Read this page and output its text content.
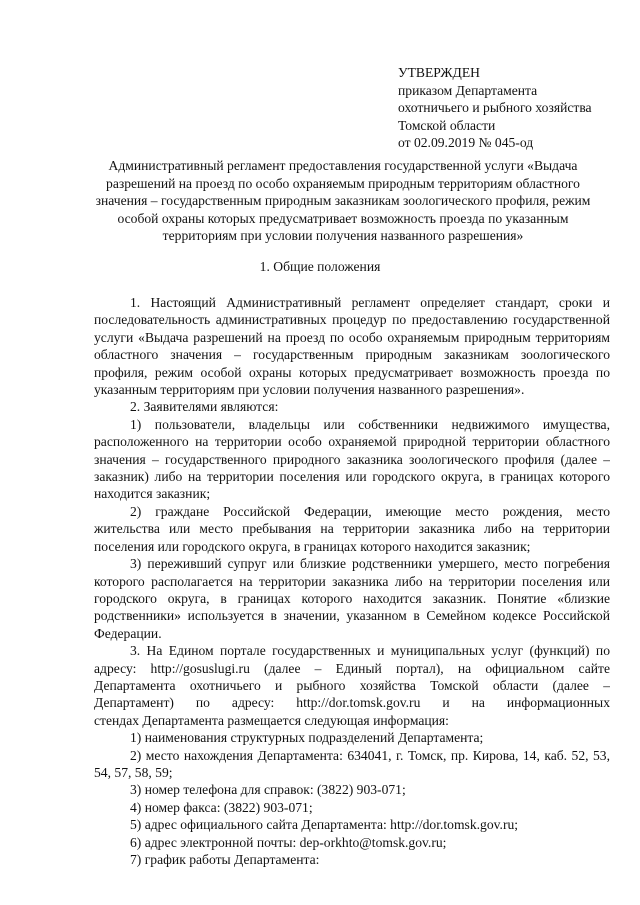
УТВЕРЖДЕН
приказом Департамента
охотничьего и рыбного хозяйства
Томской области
от 02.09.2019 № 045-од
Административный регламент предоставления государственной услуги «Выдача
разрешений на проезд по особо охраняемым природным территориям областного
значения – государственным природным заказникам зоологического профиля, режим
особой охраны которых предусматривает возможность проезда по указанным
территориям при условии получения названного разрешения»
1. Общие положения
1. Настоящий Административный регламент определяет стандарт, сроки и
последовательность административных процедур по предоставлению государственной
услуги «Выдача разрешений на проезд по особо охраняемым природным территориям
областного значения – государственным природным заказникам зоологического
профиля, режим особой охраны которых предусматривает возможность проезда по
указанным территориям при условии получения названного разрешения».
2. Заявителями являются:
1) пользователи, владельцы или собственники недвижимого имущества,
расположенного на территории особо охраняемой природной территории областного
значения – государственного природного заказника зоологического профиля (далее –
заказник) либо на территории поселения или городского округа, в границах которого
находится заказник;
2) граждане Российской Федерации, имеющие место рождения, место
жительства или место пребывания на территории заказника либо на территории
поселения или городского округа, в границах которого находится заказник;
3) переживший супруг или близкие родственники умершего, место погребения
которого располагается на территории заказника либо на территории поселения или
городского округа, в границах которого находится заказник. Понятие «близкие
родственники» используется в значении, указанном в Семейном кодексе Российской
Федерации.
3. На Едином портале государственных и муниципальных услуг (функций) по
адресу: http://gosuslugi.ru (далее – Единый портал), на официальном сайте
Департамента охотничьего и рыбного хозяйства Томской области (далее –
Департамент) по адресу: http://dor.tomsk.gov.ru и на информационных
стендах Департамента размещается следующая информация:
1) наименования структурных подразделений Департамента;
2) место нахождения Департамента: 634041, г. Томск, пр. Кирова, 14, каб. 52, 53,
54, 57, 58, 59;
3) номер телефона для справок: (3822) 903-071;
4) номер факса: (3822) 903-071;
5) адрес официального сайта Департамента: http://dor.tomsk.gov.ru;
6) адрес электронной почты: dep-orkhto@tomsk.gov.ru;
7) график работы Департамента:
